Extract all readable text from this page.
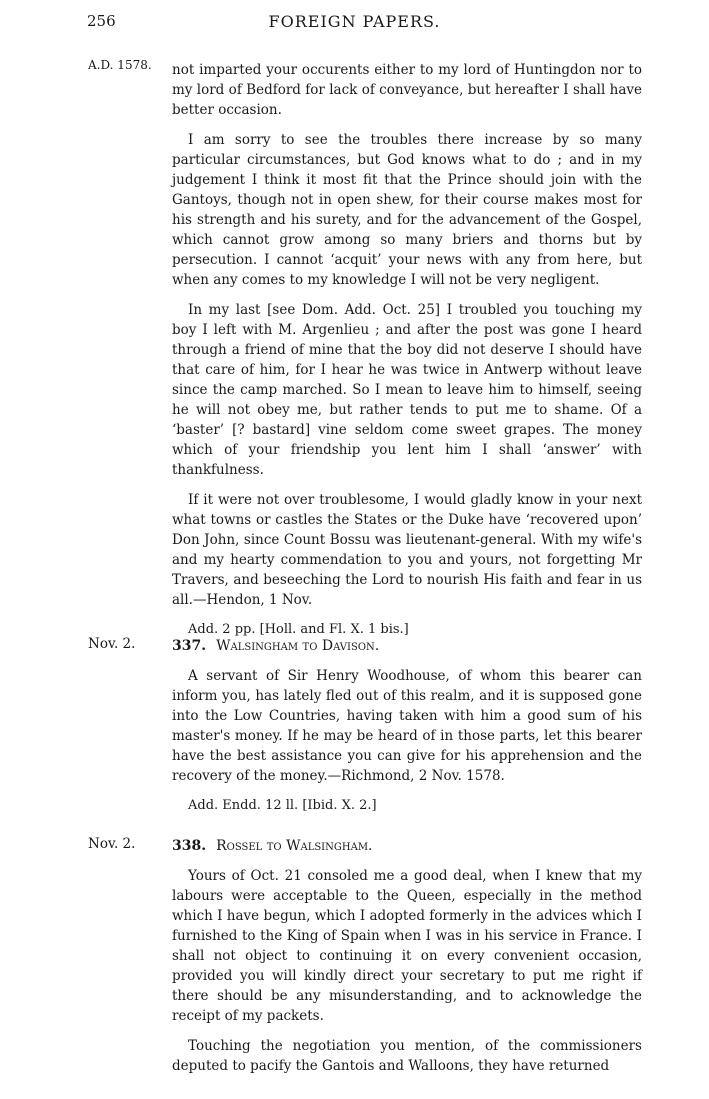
256	FOREIGN PAPERS.
A.D. 1578. not imparted your occurents either to my lord of Huntingdon nor to my lord of Bedford for lack of conveyance, but hereafter I shall have better occasion.

I am sorry to see the troubles there increase by so many particular circumstances, but God knows what to do ; and in my judgement I think it most fit that the Prince should join with the Gantoys, though not in open shew, for their course makes most for his strength and his surety, and for the advancement of the Gospel, which cannot grow among so many briers and thorns but by persecution. I cannot ‘acquit’ your news with any from here, but when any comes to my knowledge I will not be very negligent.

In my last [see Dom. Add. Oct. 25] I troubled you touching my boy I left with M. Argenlieu ; and after the post was gone I heard through a friend of mine that the boy did not deserve I should have that care of him, for I hear he was twice in Antwerp without leave since the camp marched. So I mean to leave him to himself, seeing he will not obey me, but rather tends to put me to shame. Of a ‘baster’ [? bastard] vine seldom come sweet grapes. The money which of your friendship you lent him I shall ‘answer’ with thankfulness.

If it were not over troublesome, I would gladly know in your next what towns or castles the States or the Duke have ‘recovered upon’ Don John, since Count Bossu was lieutenant-general. With my wife's and my hearty commendation to you and yours, not forgetting Mr Travers, and beseeching the Lord to nourish His faith and fear in us all.—Hendon, 1 Nov.

Add. 2 pp. [Holl. and Fl. X. 1 bis.]

Nov. 2.	337. Walsingham to Davison.

A servant of Sir Henry Woodhouse, of whom this bearer can inform you, has lately fled out of this realm, and it is supposed gone into the Low Countries, having taken with him a good sum of his master's money. If he may be heard of in those parts, let this bearer have the best assistance you can give for his apprehension and the recovery of the money.—Richmond, 2 Nov. 1578.

Add. Endd. 12 ll. [Ibid. X. 2.]

Nov. 2.	338. Rossel to Walsingham.

Yours of Oct. 21 consoled me a good deal, when I knew that my labours were acceptable to the Queen, especially in the method which I have begun, which I adopted formerly in the advices which I furnished to the King of Spain when I was in his service in France. I shall not object to continuing it on every convenient occasion, provided you will kindly direct your secretary to put me right if there should be any misunderstanding, and to acknowledge the receipt of my packets.

Touching the negotiation you mention, of the commissioners deputed to pacify the Gantois and Walloons, they have returned
